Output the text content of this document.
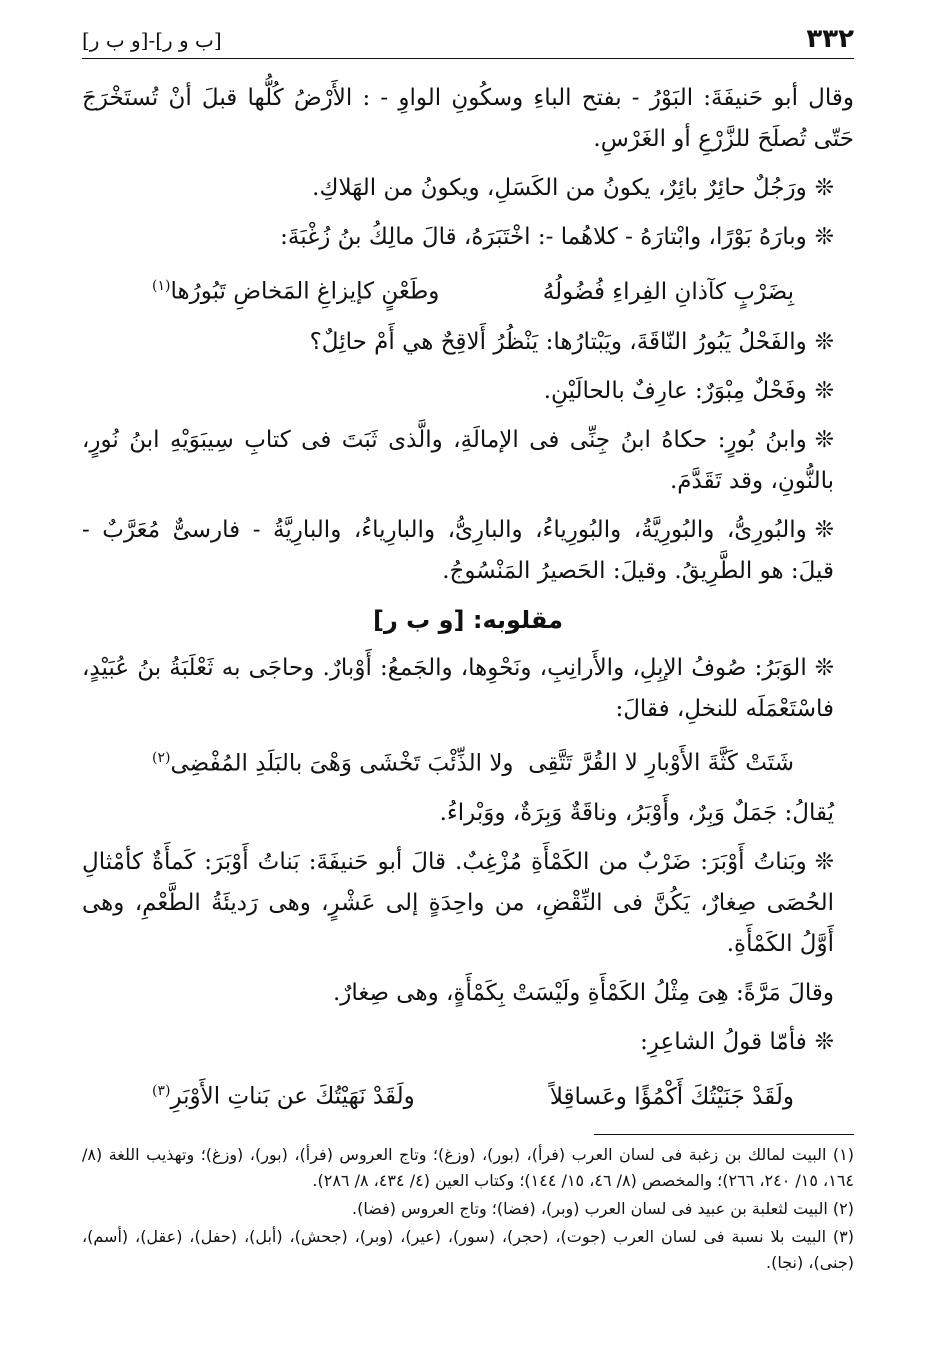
٣٣٢
[ب و ر]-[و ب ر]

وقال أبو حَنيفَةَ: البَوْرُ - بفتح الباءِ وسكُونِ الواوِ - : الأَرْضُ كُلُّها قبلَ أنْ تُستَخْرَجَ حَتّى تُصلَحَ للزَّرْعِ أو الغَرْسِ.

❊ورَجُلٌ حائِرٌ بائِرٌ، يكونُ من الكَسَلِ، ويكونُ من الهَلاكِ.

❊وبارَهُ بَوْرًا، وابْتارَهُ - كلاهُما -: اخْتَبَرَهُ، قالَ مالِكُ بنُ زُغْبَةَ:

بِضَرْبٍ كآذانِ الفِراءِ فُضُولُهُ
وطَعْنٍ كإيزاغِ المَخاضِ تَبُورُها$^{(١)}$

❊والفَحْلُ يَبُورُ النّاقَةَ، ويَبْتارُها: يَنْظُرُ أَلاقِحٌ هي أَمْ حائِلٌ؟

❊وفَحْلٌ مِبْوَرٌ: عارِفٌ بالحالَيْنِ.

❊وابنُ بُورٍ: حكاهُ ابنُ جِنِّى فى الإمالَةِ، والَّذى ثَبَتَ فى كتابِ سِيبَوَيْهِ ابنُ نُورٍ، بالنُّونِ، وقد تَقَدَّمَ.

❊والبُورِىُّ، والبُورِيَّةُ، والبُورِياءُ، والبارِىُّ، والبارِياءُ، والبارِيَّةُ - فارسىٌّ مُعَرَّبٌ - قيلَ: هو الطَّرِيقُ. وقيلَ: الحَصيرُ المَنْسُوجُ.

مقلوبه: [و ب ر]

❊الوَبَرُ: صُوفُ الإبِلِ، والأَرانِبِ، ونَحْوِها، والجَمعُ: أَوْبارٌ. وحاجَى به ثَعْلَبَةُ بنُ عُبَيْدٍ، فاسْتَعْمَلَه للنخلِ، فقالَ:

شَتَتْ كَثَّةَ الأَوْبارِ لا القُرَّ تَتَّقِى
ولا الذِّئْبَ تَخْشَى وَهْىَ بالبَلَدِ المُفْضِى$^{(٢)}$

يُقالُ: جَمَلٌ وَبِرٌ، وأَوْبَرُ، وناقَةٌ وَبِرَةٌ، ووَبْراءُ.

❊وبَناتُ أَوْبَرَ: ضَرْبٌ من الكَمْأَةِ مُزْغِبٌ. قالَ أبو حَنيفَةَ: بَناتُ أَوْبَرَ: كَمأَةٌ كأمْثالِ الحُصَى صِغارٌ، يَكُنَّ فى النِّقْضِ، من واحِدَةٍ إلى عَشْرٍ، وهى رَديئَةُ الطَّعْمِ، وهى أَوَّلُ الكَمْأَةِ.

وقالَ مَرَّةً: هِىَ مِثْلُ الكَمْأَةِ ولَيْسَتْ بِكَمْأَةٍ، وهى صِغارٌ.

❊فأمّا قولُ الشاعِرِ:

ولَقَدْ جَنَيْتُكَ أَكْمُؤًا وعَساقِلاً
ولَقَدْ نَهَيْتُكَ عن بَناتِ الأَوْبَرِ$^{(٣)}$

(١) البيت لمالك بن زغبة فى لسان العرب (فرأ)، (بور)، (وزغ)؛ وتاج العروس (فرأ)، (بور)، (وزغ)؛ وتهذيب اللغة (٨/ ١٦٤، ١٥/ ٢٤٠، ٢٦٦)؛ والمخصص (٨/ ٤٦، ١٥/ ١٤٤)؛ وكتاب العين (٤/ ٤٣٤، ٨/ ٢٨٦).

(٢) البيت لثعلبة بن عبيد فى لسان العرب (وبر)، (فضا)؛ وتاج العروس (فضا).

(٣) البيت بلا نسبة فى لسان العرب (جوت)، (حجر)، (سور)، (عير)، (وبر)، (جحش)، (أبل)، (حفل)، (عقل)، (أسم)، (جنى)، (نجا).
